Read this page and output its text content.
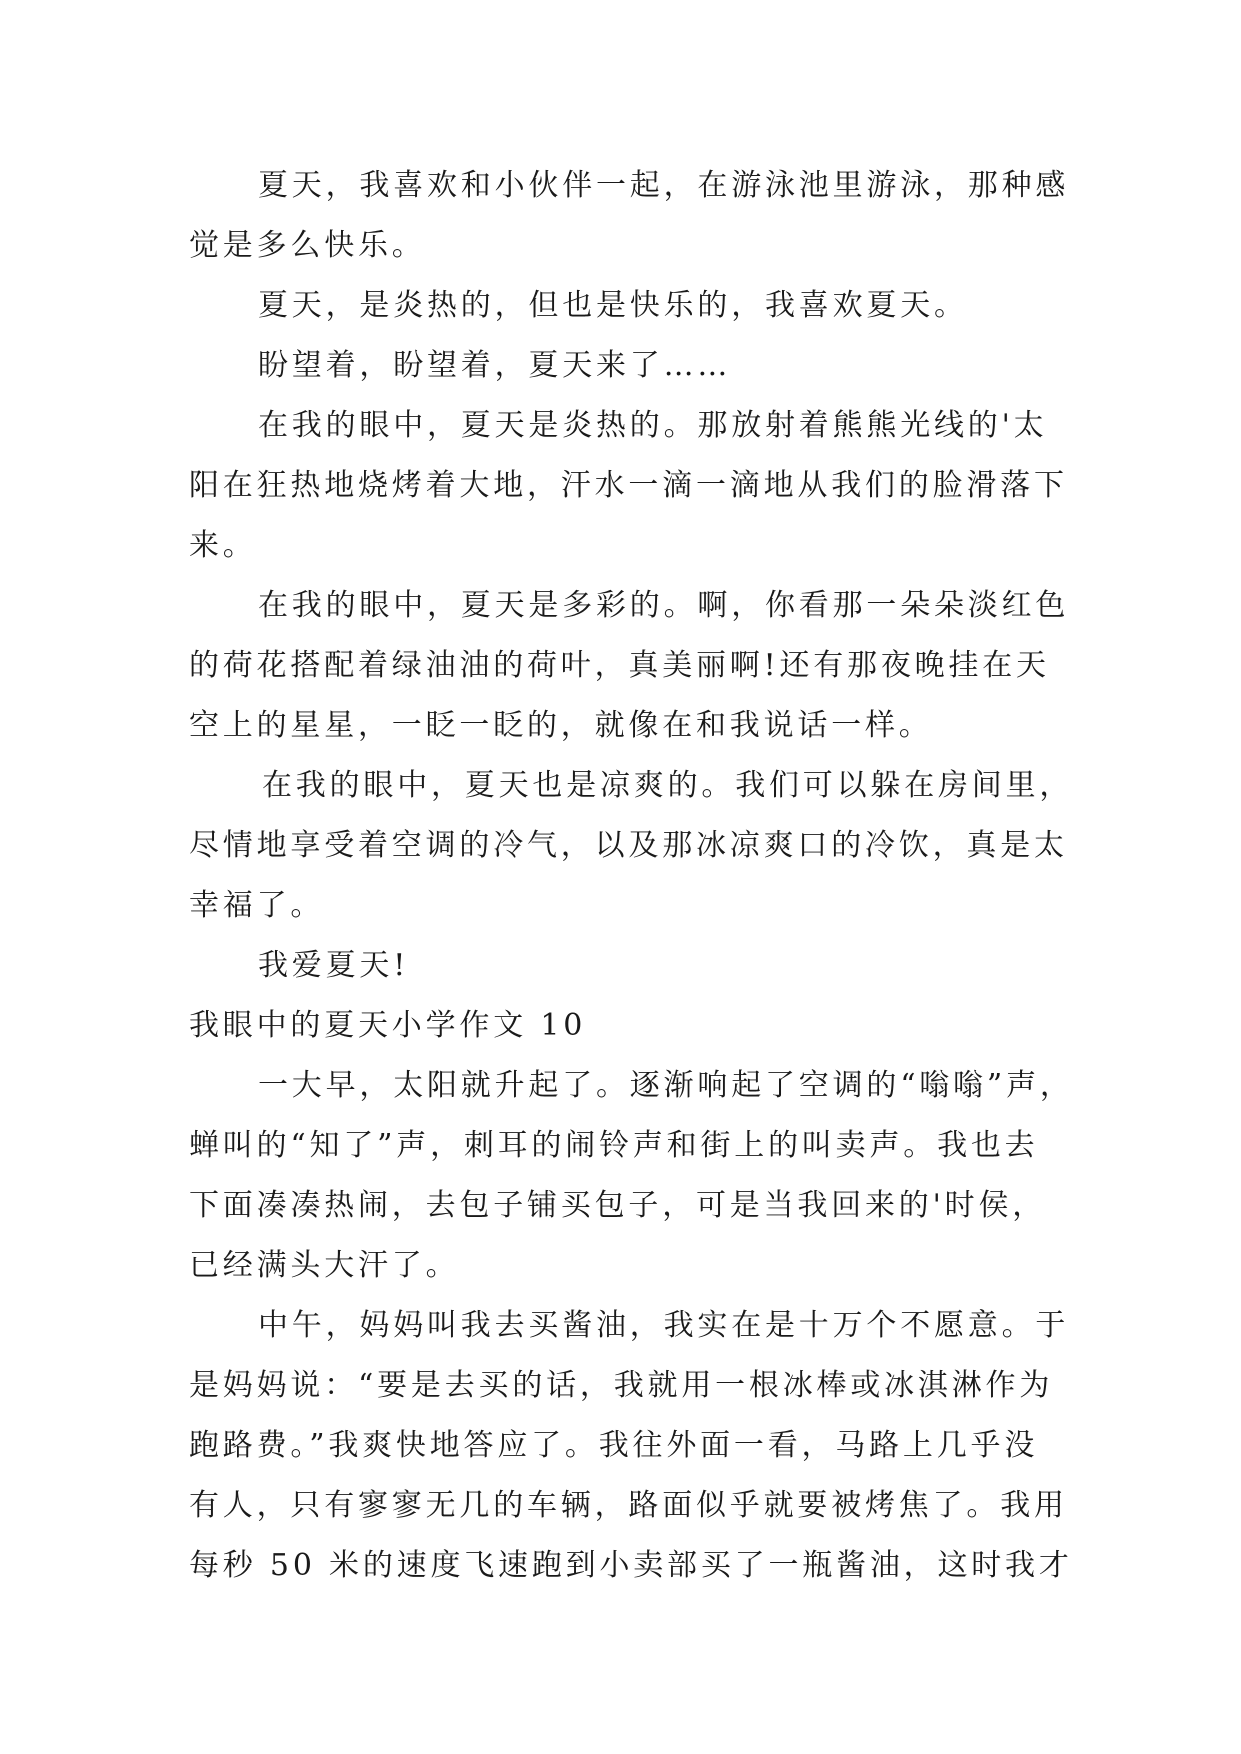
夏天，我喜欢和小伙伴一起，在游泳池里游泳，那种感
觉是多么快乐。
夏天，是炎热的，但也是快乐的，我喜欢夏天。
盼望着，盼望着，夏天来了……
在我的眼中，夏天是炎热的。那放射着熊熊光线的'太
阳在狂热地烧烤着大地，汗水一滴一滴地从我们的脸滑落下
来。
在我的眼中，夏天是多彩的。啊，你看那一朵朵淡红色
的荷花搭配着绿油油的荷叶，真美丽啊!还有那夜晚挂在天
空上的星星，一眨一眨的，就像在和我说话一样。
在我的眼中，夏天也是凉爽的。我们可以躲在房间里，
尽情地享受着空调的冷气，以及那冰凉爽口的冷饮，真是太
幸福了。
我爱夏天!
我眼中的夏天小学作文 10
一大早，太阳就升起了。逐渐响起了空调的“嗡嗡”声，
蝉叫的“知了”声，刺耳的闹铃声和街上的叫卖声。我也去
下面凑凑热闹，去包子铺买包子，可是当我回来的'时侯，
已经满头大汗了。
中午，妈妈叫我去买酱油，我实在是十万个不愿意。于
是妈妈说：“要是去买的话，我就用一根冰棒或冰淇淋作为
跑路费。”我爽快地答应了。我往外面一看，马路上几乎没
有人，只有寥寥无几的车辆，路面似乎就要被烤焦了。我用
每秒 50 米的速度飞速跑到小卖部买了一瓶酱油，这时我才
